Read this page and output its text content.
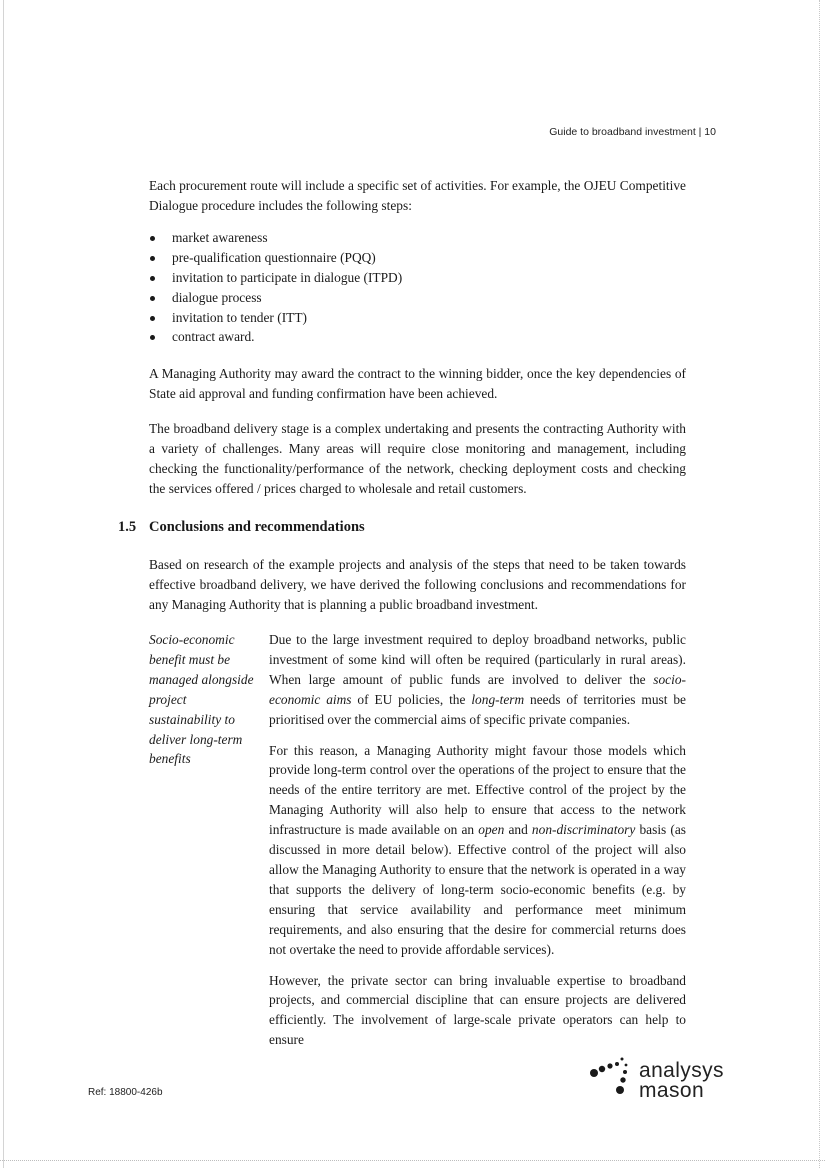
Guide to broadband investment | 10

Each procurement route will include a specific set of activities. For example, the OJEU Competitive Dialogue procedure includes the following steps:

market awareness
pre-qualification questionnaire (PQQ)
invitation to participate in dialogue (ITPD)
dialogue process
invitation to tender (ITT)
contract award.

A Managing Authority may award the contract to the winning bidder, once the key dependencies of State aid approval and funding confirmation have been achieved.

The broadband delivery stage is a complex undertaking and presents the contracting Authority with a variety of challenges. Many areas will require close monitoring and management, including checking the functionality/performance of the network, checking deployment costs and checking the services offered / prices charged to wholesale and retail customers.

1.5 Conclusions and recommendations

Based on research of the example projects and analysis of the steps that need to be taken towards effective broadband delivery, we have derived the following conclusions and recommendations for any Managing Authority that is planning a public broadband investment.

Socio-economic
benefit must be
managed alongside
project
sustainability to
deliver long-term
benefits

Due to the large investment required to deploy broadband networks, public investment of some kind will often be required (particularly in rural areas). When large amount of public funds are involved to deliver the socio-economic aims of EU policies, the long-term needs of territories must be prioritised over the commercial aims of specific private companies.

For this reason, a Managing Authority might favour those models which provide long-term control over the operations of the project to ensure that the needs of the entire territory are met. Effective control of the project by the Managing Authority will also help to ensure that access to the network infrastructure is made available on an open and non-discriminatory basis (as discussed in more detail below). Effective control of the project will also allow the Managing Authority to ensure that the network is operated in a way that supports the delivery of long-term socio-economic benefits (e.g. by ensuring that service availability and performance meet minimum requirements, and also ensuring that the desire for commercial returns does not overtake the need to provide affordable services).

However, the private sector can bring invaluable expertise to broadband projects, and commercial discipline that can ensure projects are delivered efficiently. The involvement of large-scale private operators can help to ensure

Ref: 18800-426b
analysys
mason
